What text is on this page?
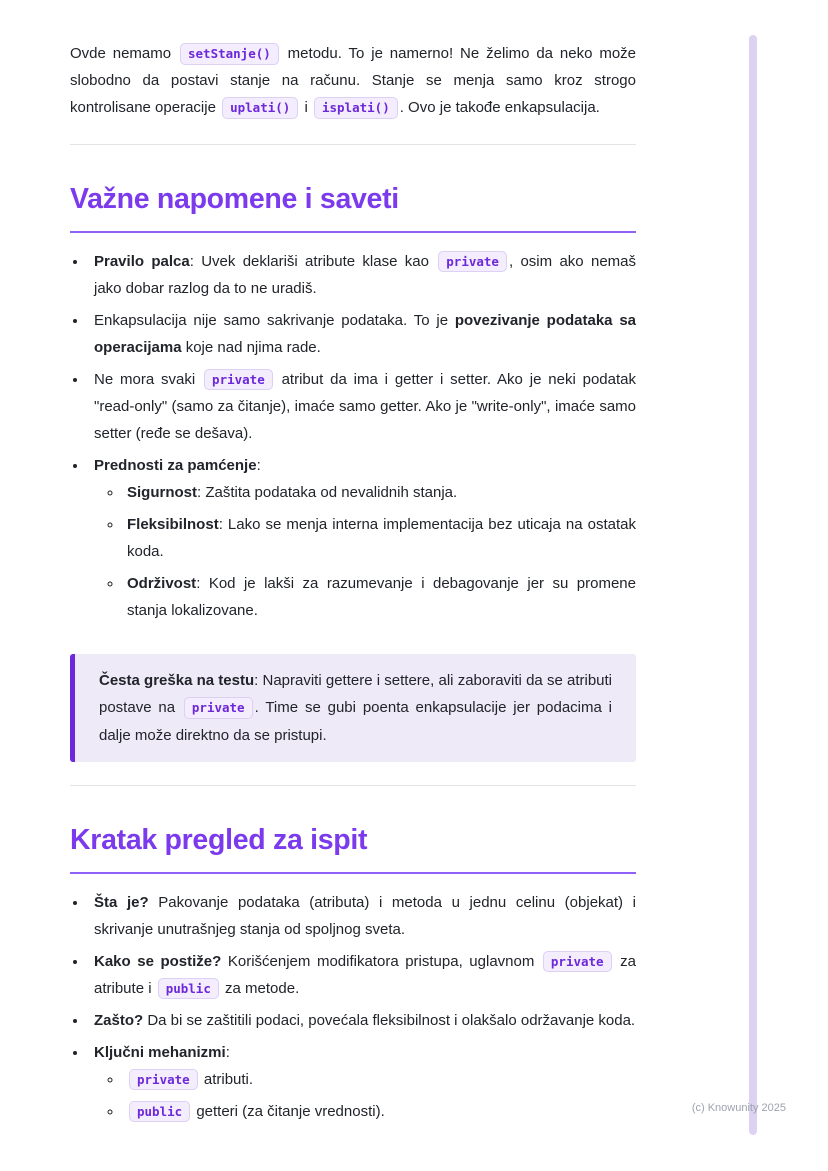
Ovde nemamo setStanje() metodu. To je namerno! Ne želimo da neko može slobodno da postavi stanje na računu. Stanje se menja samo kroz strogo kontrolisane operacije uplati() i isplati() . Ovo je takođe enkapsulacija.

Važne napomene i saveti
• Pravilo palca: Uvek deklariši atribute klase kao private , osim ako nemaš jako dobar razlog da to ne uradiš.
• Enkapsulacija nije samo sakrivanje podataka. To je povezivanje podataka sa operacijama koje nad njima rade.
• Ne mora svaki private atribut da ima i getter i setter. Ako je neki podatak "read-only" (samo za čitanje), imaće samo getter. Ako je "write-only", imaće samo setter (ređe se dešava).
• Prednosti za pamćenje:
◦ Sigurnost: Zaštita podataka od nevalidnih stanja.
◦ Fleksibilnost: Lako se menja interna implementacija bez uticaja na ostatak koda.
◦ Održivost: Kod je lakši za razumevanje i debagovanje jer su promene stanja lokalizovane.

Česta greška na testu: Napraviti gettere i settere, ali zaboraviti da se atributi postave na private . Time se gubi poenta enkapsulacije jer podacima i dalje može direktno da se pristupi.

Kratak pregled za ispit
• Šta je? Pakovanje podataka (atributa) i metoda u jednu celinu (objekat) i skrivanje unutrašnjeg stanja od spoljnog sveta.
• Kako se postiže? Korišćenjem modifikatora pristupa, uglavnom private za atribute i public za metode.
• Zašto? Da bi se zaštitili podaci, povećala fleksibilnost i olakšalo održavanje koda.
• Ključni mehanizmi:
◦ private atributi.
◦ public getteri (za čitanje vrednosti).	(c) Knowunity 2025
